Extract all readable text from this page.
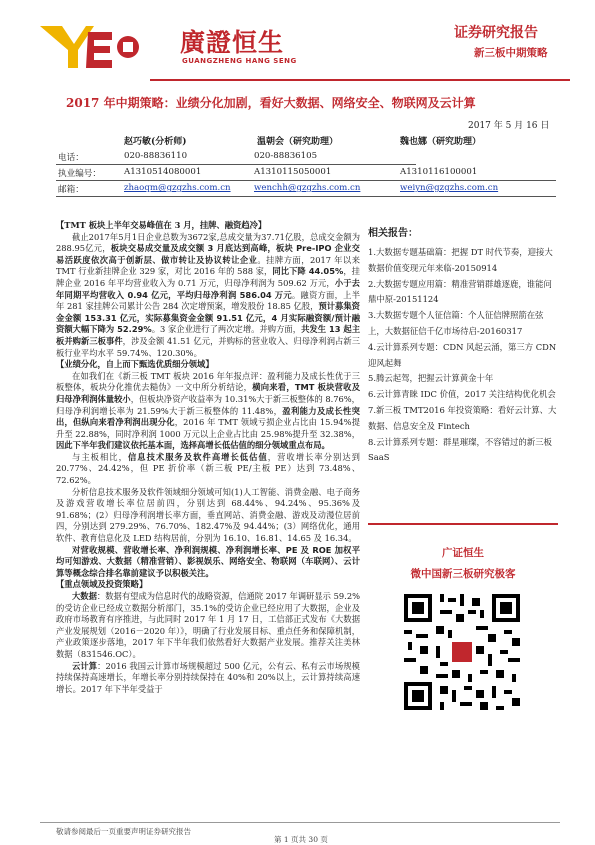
廣證恒生
GUANGZHENG HANG SENG
证券研究报告
新三板中期策略
2017 年中期策略：业绩分化加剧，看好大数据、网络安全、物联网及云计算
2017 年 5 月 16 日
赵巧敏(分析师)	温朝会（研究助理）	魏也娜（研究助理）
电话：	020-88836110	020-88836105
执业编号：	A1310514080001	A1310115050001	A1310116100001
邮箱：	zhaoqm@gzgzhs.com.cn	wenchh@gzgzhs.com.cn	weiyn@gzgzhs.com.cn

【TMT 板块上半年交易峰值在 3 月，挂牌、融资趋冷】

截止2017年5月1日企业总数为3672家,总成交量为37.71亿股，总成交金额为288.95亿元，板块交易成交量及成交额 3 月底达到高峰，板块 Pre-IPO 企业交易活跃度依次高于创新层、做市转让及协议转让企业。挂牌方面，2017 年以来 TMT 行业新挂牌企业 329 家，对比 2016 年的 588 家，同比下降 44.05%，挂牌企业 2016 年平均营业收入为 0.71 万元，归母净利润为 509.62 万元，小于去年同期平均营收入 0.94 亿元，平均归母净利润 586.04 万元。融资方面，上半年 281 家挂牌公司累计公告 284 次定增预案，增发股份 18.85 亿股，预计募集资金金额 153.31 亿元，实际募集资金金额 91.51 亿元，4 月实际融资额/预计融资额大幅下降为 52.29%。3 家企业进行了两次定增。并购方面，共发生 13 起主板并购新三板事件，涉及金额 41.51 亿元，并购标的营业收入、归母净利润占新三板行业平均水平 59.74%、120.30%。

【业绩分化，自上而下甄选优质细分领域】

在如我们在《新三板 TMT 板块 2016 年年报点评：盈利能力及成长性优于三板整体，板块分化推优去糙伪》一文中所分析结论，横向来看，TMT 板块营收及归母净利润体量较小，但板块净资产收益率为 10.31%大于新三板整体的 8.76%，归母净利润增长率为 21.59%大于新三板整体的 11.48%，盈利能力及成长性突出，但纵向来看净利润出现分化，2016 年 TMT 领域亏损企业占比由 15.94%提升至 22.88%，同时净利润 1000 万元以上企业占比由 25.98%提升至 32.38%，因此下半年我们建议依托基本面，选择高增长低估值的细分领域重点布局。

与主板相比，信息技术服务及软件高增长低估值，营收增长率分别达到 20.77%、24.42%，但 PE 折价率（新三板 PE/主板 PE）达到 73.48%、72.62%。

分析信息技术服务及软件领域细分领域可知(1)人工智能、消费金融、电子商务及游戏营收增长率位居前四，分别达到 68.44%、94.24%、95.36%及 91.68%；(2）归母净利润增长率方面，垂直网站、消费金融、游戏及动漫位居前四，分别达到 279.29%、76.70%、182.47%及 94.44%；(3）网络优化，通用软件、教育信息化及 LED 结构居前，分别为 16.10、16.81、14.65 及 16.34。

对营收规模、营收增长率、净利润规模、净利润增长率、PE 及 ROE 加权平均可知游戏、大数据（精准营销）、影视娱乐、网络安全、物联网（车联网）、云计算等概念综合排名靠前建议予以积极关注。

【重点领域及投资策略】

大数据：数据有望成为信息时代的战略资源，信通院 2017 年调研显示 59.2%的受访企业已经成立数据分析部门，35.1%的受访企业已经应用了大数据，企业及政府市场教育有序推进，与此同时 2017 年 1 月 17 日，工信部正式发布《大数据产业发展规划（2016－2020 年）》，明确了行业发展目标、重点任务和保障机制，产业政策逐步落地，2017 年下半年我们依然看好大数据产业发展。推荐关注美林数据（831546.OC）。

云计算：2016 我国云计算市场规模超过 500 亿元，公有云、私有云市场规模持续保持高速增长，年增长率分别持续保持在 40%和 20%以上，云计算持续高速增长。2017 年下半年受益于

相关报告：
1.大数据专题基础篇：把握 DT 时代节奏，迎接大数据价值变现元年来临-20150914
2.大数据专题应用篇：精准营销群雄逐鹿，谁能问鼎中原-20151124
3.大数据专题个人征信篇：个人征信牌照箭在弦上，大数据征信千亿市场待启-20160317
4.云计算系列专题：CDN 风起云涌，第三方 CDN 迎风起舞
5.腾云起驾，把握云计算黄金十年
6.云计算青睐 IDC 价值，2017 关注结构优化机会
7.新三板 TMT2016 年投资策略：看好云计算、大数据、信息安全及 Fintech
8.云计算系列专题：群星璀璨，不容错过的新三板 SaaS
广证恒生
微中国新三板研究极客
敬请参阅最后一页重要声明证券研究报告
第 1 页共 30 页
